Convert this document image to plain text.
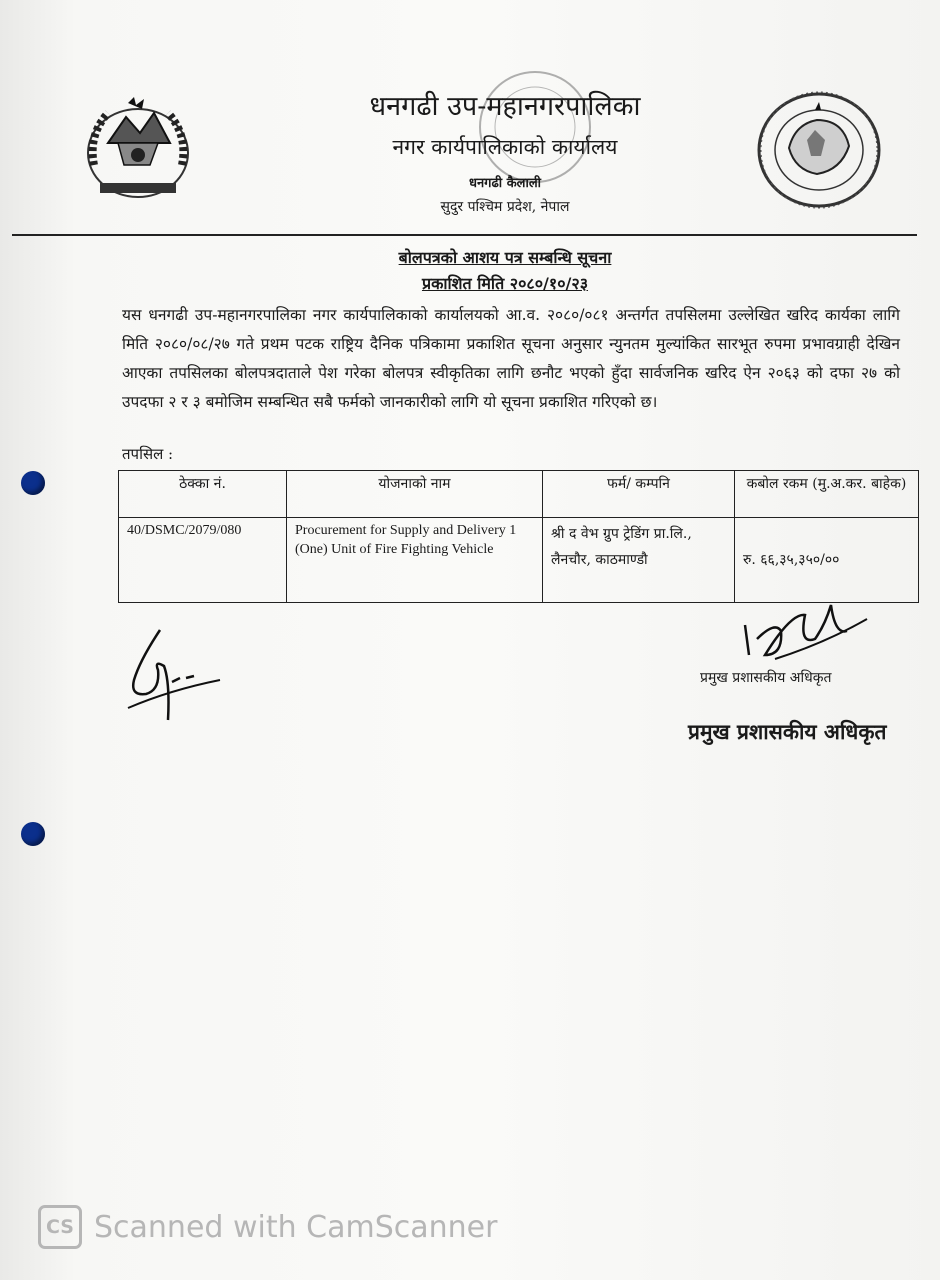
धनगढी उप-महानगरपालिका
नगर कार्यपालिकाको कार्यालय
धनगढी कैलाली
सुदुर पश्चिम प्रदेश, नेपाल
बोलपत्रको आशय पत्र सम्बन्धि सूचना
प्रकाशित मिति २०८०/१०/२३
यस धनगढी उप-महानगरपालिका नगर कार्यपालिकाको कार्यालयको आ.व. २०८०/०८१ अन्तर्गत तपसिलमा उल्लेखित खरिद कार्यका लागि मिति २०८०/०८/२७ गते प्रथम पटक राष्ट्रिय दैनिक पत्रिकामा प्रकाशित सूचना अनुसार न्युनतम मुल्यांकित सारभूत रुपमा प्रभावग्राही देखिन आएका तपसिलका बोलपत्रदाताले पेश गरेका बोलपत्र स्वीकृतिका लागि छनौट भएको हुँदा सार्वजनिक खरिद ऐन २०६३ को दफा २७ को उपदफा २ र ३ बमोजिम सम्बन्धित सबै फर्मको जानकारीको लागि यो सूचना प्रकाशित गरिएको छ।
तपसिल :
ठेक्का नं.	योजनाको नाम	फर्म/ कम्पनि	कबोल रकम (मु.अ.कर. बाहेक)
40/DSMC/2079/080	Procurement for Supply and Delivery 1 (One) Unit of Fire Fighting Vehicle	श्री द वेभ ग्रुप ट्रेडिंग प्रा.लि., लैनचौर, काठमाण्डौ	रु. ६६,३५,३५०/००
प्रमुख प्रशासकीय अधिकृत
प्रमुख प्रशासकीय अधिकृत
CS Scanned with CamScanner
